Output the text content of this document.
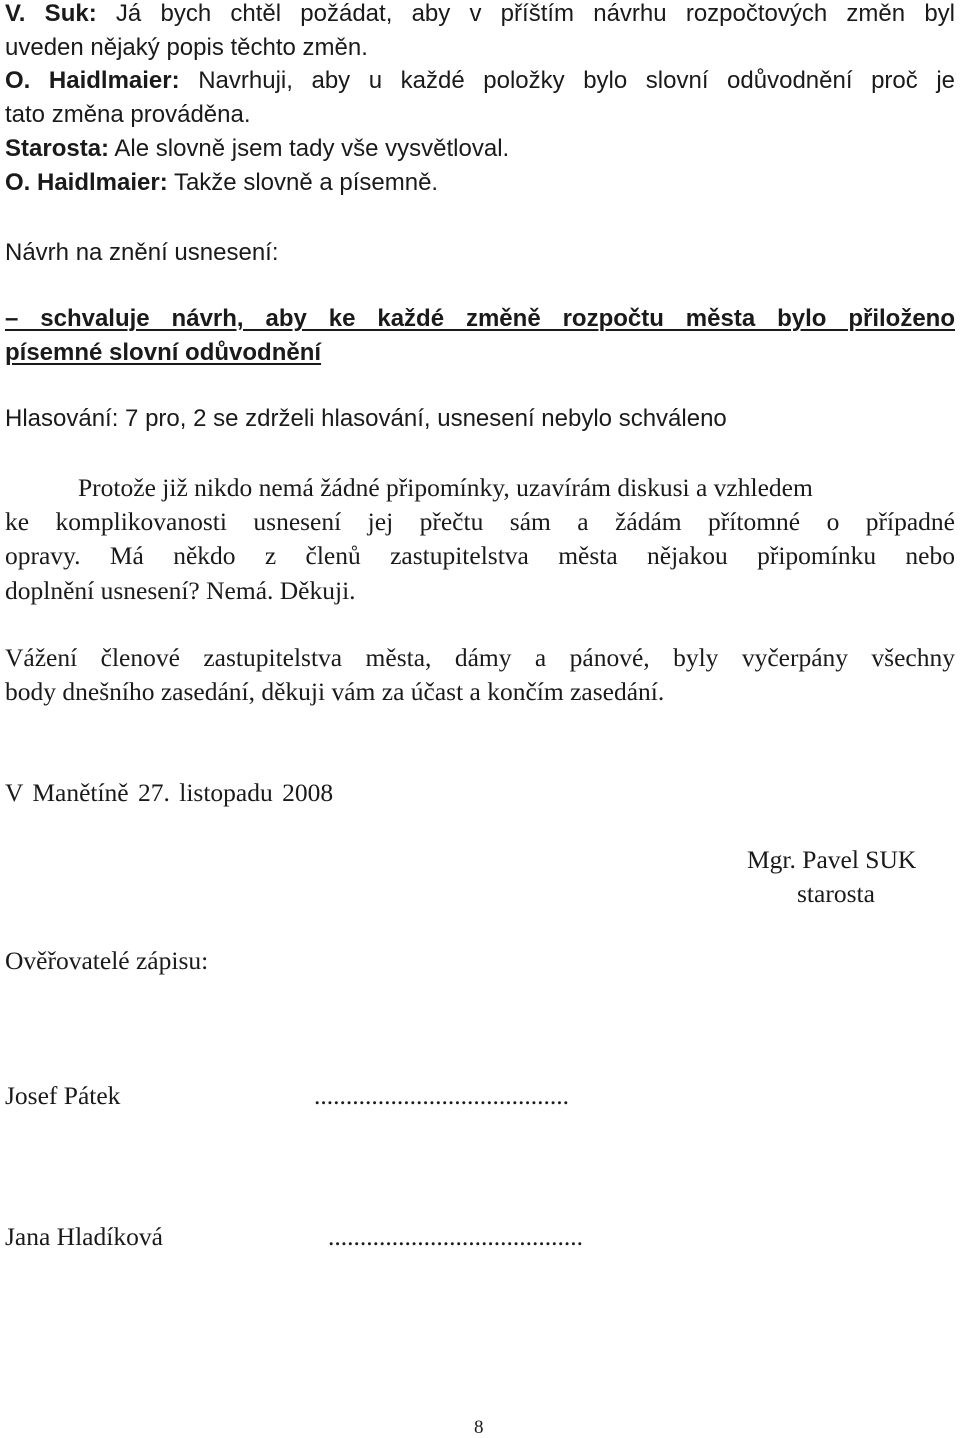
V. Suk: Já bych chtěl požádat, aby v příštím návrhu rozpočtových změn byl
uveden nějaký popis těchto změn.
O. Haidlmaier: Navrhuji, aby u každé položky bylo slovní odůvodnění proč je
tato změna prováděna.
Starosta: Ale slovně jsem tady vše vysvětloval.
O. Haidlmaier: Takže slovně a písemně.
Návrh na znění usnesení:
– schvaluje návrh, aby ke každé změně rozpočtu města bylo přiloženo
písemné slovní odůvodnění
Hlasování: 7 pro, 2 se zdrželi hlasování, usnesení nebylo schváleno
Protože již nikdo nemá žádné připomínky, uzavírám diskusi a vzhledem
ke komplikovanosti usnesení jej přečtu sám a žádám přítomné o případné
opravy. Má někdo z členů zastupitelstva města nějakou připomínku nebo
doplnění usnesení? Nemá. Děkuji.
Vážení členové zastupitelstva města, dámy a pánové, byly vyčerpány všechny
body dnešního zasedání, děkuji vám za účast a končím zasedání.
V Manětíně 27. listopadu 2008
Mgr. Pavel SUK
starosta
Ověřovatelé zápisu:
Josef Pátek	........................................
Jana Hladíková	........................................
8
